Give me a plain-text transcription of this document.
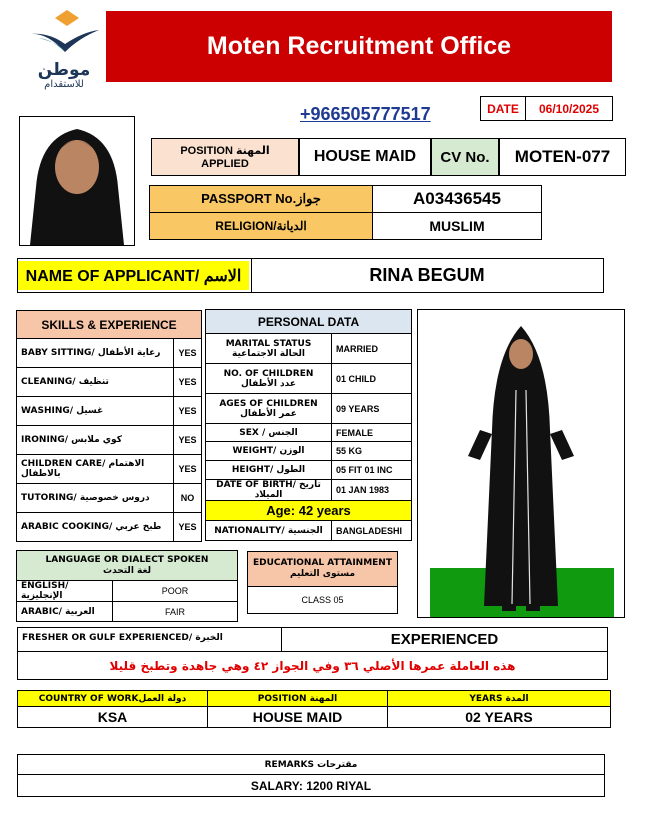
موطن
للاستقدام
Moten Recruitment Office
+966505777517	DATE	06/10/2025
POSITION المهنة
APPLIED	HOUSE MAID	CV No.	MOTEN-077
PASSPORT No.جواز	A03436545
RELIGION/الديانة	MUSLIM
NAME OF APPLICANT/ الاسم	RINA BEGUM
SKILLS & EXPERIENCE	
BABY SITTING/ رعاية الأطفال	YES
CLEANING/ تنظيف	YES
WASHING/ غسيل	YES
IRONING/ كوي ملابس	YES
CHILDREN CARE/ الاهتمام بالاطفال	YES
TUTORING/ دروس خصوصية	NO
ARABIC COOKING/ طبخ عربي	YES
PERSONAL DATA	

MARITAL STATUS
الحالة الاجتماعية	MARRIED

NO. OF CHILDREN
عدد الأطفال	01 CHILD

AGES OF CHILDREN
عمر الأطفال	09 YEARS
SEX / الجنس	FEMALE
WEIGHT/ الوزن	55 KG
HEIGHT/ الطول	05 FIT 01 INC
DATE OF BIRTH/ تاريخ الميلاد	01 JAN 1983
Age: 42 years	
NATIONALITY/ الجنسية	BANGLADESHI
LANGUAGE OR DIALECT SPOKEN
لغة التحدث	

ENGLISH/ الإنجليزية	POOR
ARABIC/ العربية	FAIR
EDUCATIONAL ATTAINMENT
مستوى التعليم
CLASS 05
FRESHER OR GULF EXPERIENCED/ الخبرة	EXPERIENCED
هذه العاملة عمرها الأصلي ٣٦ وفي الجواز ٤٢ وهي جاهدة وتطبخ قليلا
COUNTRY OF WORKدولة العمل	POSITION المهنة	YEARS المدة
KSA	HOUSE MAID	02 YEARS
REMARKS مقترحات
SALARY: 1200 RIYAL
